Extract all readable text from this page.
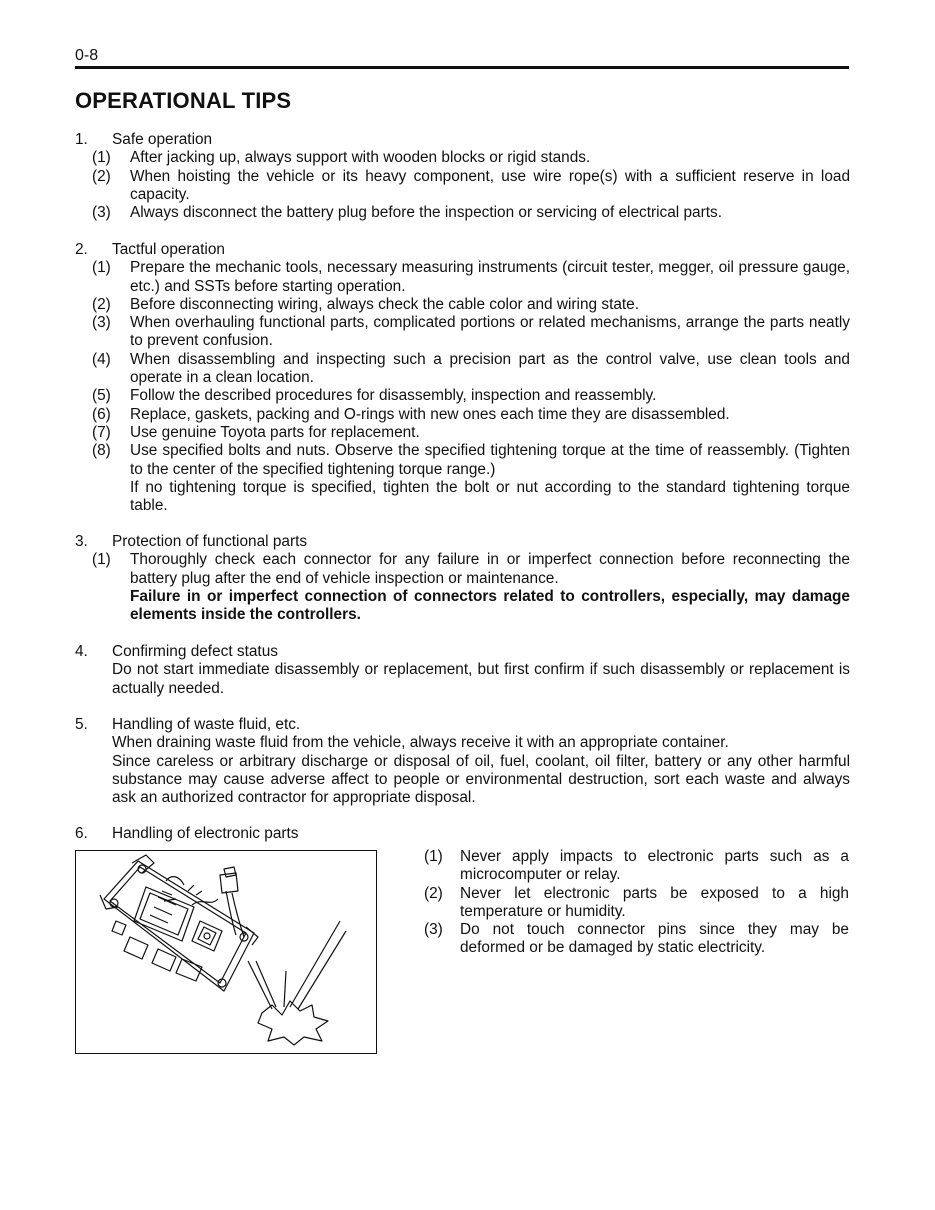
0-8
OPERATIONAL TIPS
1. Safe operation
(1) After jacking up, always support with wooden blocks or rigid stands.
(2) When hoisting the vehicle or its heavy component, use wire rope(s) with a sufficient reserve in load capacity.
(3) Always disconnect the battery plug before the inspection or servicing of electrical parts.
2. Tactful operation
(1) Prepare the mechanic tools, necessary measuring instruments (circuit tester, megger, oil pressure gauge, etc.) and SSTs before starting operation.
(2) Before disconnecting wiring, always check the cable color and wiring state.
(3) When overhauling functional parts, complicated portions or related mechanisms, arrange the parts neatly to prevent confusion.
(4) When disassembling and inspecting such a precision part as the control valve, use clean tools and operate in a clean location.
(5) Follow the described procedures for disassembly, inspection and reassembly.
(6) Replace, gaskets, packing and O-rings with new ones each time they are disassembled.
(7) Use genuine Toyota parts for replacement.
(8) Use specified bolts and nuts. Observe the specified tightening torque at the time of reassembly. (Tighten to the center of the specified tightening torque range.)
If no tightening torque is specified, tighten the bolt or nut according to the standard tightening torque table.
3. Protection of functional parts
(1) Thoroughly check each connector for any failure in or imperfect connection before reconnecting the battery plug after the end of vehicle inspection or maintenance.
Failure in or imperfect connection of connectors related to controllers, especially, may damage elements inside the controllers.
4. Confirming defect status
Do not start immediate disassembly or replacement, but first confirm if such disassembly or replacement is actually needed.
5. Handling of waste fluid, etc.
When draining waste fluid from the vehicle, always receive it with an appropriate container.
Since careless or arbitrary discharge or disposal of oil, fuel, coolant, oil filter, battery or any other harmful substance may cause adverse affect to people or environmental destruction, sort each waste and always ask an authorized contractor for appropriate disposal.
6. Handling of electronic parts
(1) Never apply impacts to electronic parts such as a microcomputer or relay.
(2) Never let electronic parts be exposed to a high temperature or humidity.
(3) Do not touch connector pins since they may be deformed or be damaged by static electricity.
